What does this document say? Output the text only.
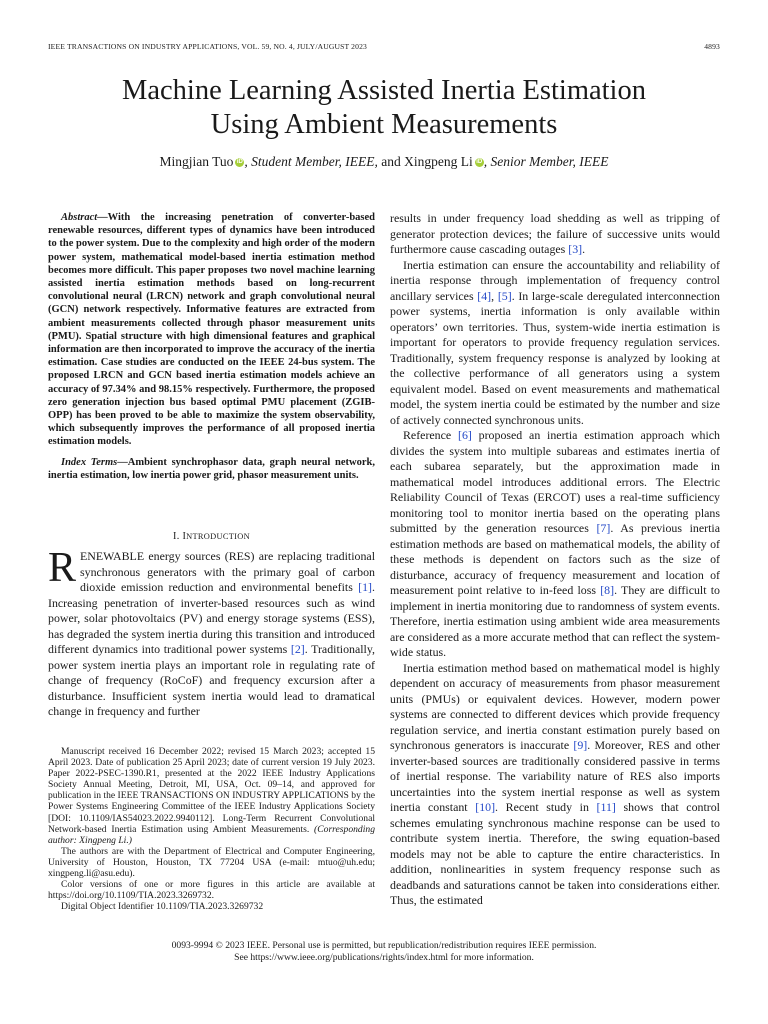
IEEE TRANSACTIONS ON INDUSTRY APPLICATIONS, VOL. 59, NO. 4, JULY/AUGUST 2023	4893
Machine Learning Assisted Inertia Estimation
Using Ambient Measurements
Mingjian Tuo iD , Student Member, IEEE, and Xingpeng Li iD , Senior Member, IEEE

Abstract—With the increasing penetration of converter-based renewable resources, different types of dynamics have been introduced to the power system. Due to the complexity and high order of the modern power system, mathematical model-based inertia estimation method becomes more difficult. This paper proposes two novel machine learning assisted inertia estimation methods based on long-recurrent convolutional neural (LRCN) network and graph convolutional neural (GCN) network respectively. Informative features are extracted from ambient measurements collected through phasor measurement units (PMU). Spatial structure with high dimensional features and graphical information are then incorporated to improve the accuracy of the inertia estimation. Case studies are conducted on the IEEE 24-bus system. The proposed LRCN and GCN based inertia estimation models achieve an accuracy of 97.34% and 98.15% respectively. Furthermore, the proposed zero generation injection bus based optimal PMU placement (ZGIB-OPP) has been proved to be able to maximize the system observability, which subsequently improves the performance of all proposed inertia estimation models.

Index Terms—Ambient synchrophasor data, graph neural network, inertia estimation, low inertia power grid, phasor measurement units.

I. INTRODUCTION

RENEWABLE energy sources (RES) are replacing traditional synchronous generators with the primary goal of carbon dioxide emission reduction and environmental benefits [1]. Increasing penetration of inverter-based resources such as wind power, solar photovoltaics (PV) and energy storage systems (ESS), has degraded the system inertia during this transition and introduced different dynamics into traditional power systems [2]. Traditionally, power system inertia plays an important role in regulating rate of change of frequency (RoCoF) and frequency excursion after a disturbance. Insufficient system inertia would lead to dramatical change in frequency and further

Manuscript received 16 December 2022; revised 15 March 2023; accepted 15 April 2023. Date of publication 25 April 2023; date of current version 19 July 2023. Paper 2022-PSEC-1390.R1, presented at the 2022 IEEE Industry Applications Society Annual Meeting, Detroit, MI, USA, Oct. 09–14, and approved for publication in the IEEE TRANSACTIONS ON INDUSTRY APPLICATIONS by the Power Systems Engineering Committee of the IEEE Industry Applications Society [DOI: 10.1109/IAS54023.2022.9940112]. Long-Term Recurrent Convolutional Network-based Inertia Estimation using Ambient Measurements. (Corresponding author: Xingpeng Li.)

The authors are with the Department of Electrical and Computer Engineering, University of Houston, Houston, TX 77204 USA (e-mail: mtuo@uh.edu; xingpeng.li@asu.edu).

Color versions of one or more figures in this article are available at https://doi.org/10.1109/TIA.2023.3269732.

Digital Object Identifier 10.1109/TIA.2023.3269732

results in under frequency load shedding as well as tripping of generator protection devices; the failure of successive units would furthermore cause cascading outages [3].

Inertia estimation can ensure the accountability and reliability of inertia response through implementation of frequency control ancillary services [4], [5]. In large-scale deregulated interconnection power systems, inertia information is only available within operators’ own territories. Thus, system-wide inertia estimation is important for operators to provide frequency regulation services. Traditionally, system frequency response is analyzed by looking at the collective performance of all generators using a system equivalent model. Based on event measurements and mathematical model, the system inertia could be estimated by the number and size of actively connected synchronous units.

Reference [6] proposed an inertia estimation approach which divides the system into multiple subareas and estimates inertia of each subarea separately, but the approximation made in mathematical model introduces additional errors. The Electric Reliability Council of Texas (ERCOT) uses a real-time sufficiency monitoring tool to monitor inertia based on the operating plans submitted by the generation resources [7]. As previous inertia estimation methods are based on mathematical models, the ability of these methods is dependent on factors such as the size of disturbance, accuracy of frequency measurement and location of measurement point relative to in-feed loss [8]. They are difficult to implement in inertia monitoring due to randomness of system events. Therefore, inertia estimation using ambient wide area measurements are considered as a more accurate method that can reflect the system-wide status.

Inertia estimation method based on mathematical model is highly dependent on accuracy of measurements from phasor measurement units (PMUs) or equivalent devices. However, modern power systems are connected to different devices which provide frequency regulation service, and inertia constant estimation purely based on synchronous generators is inaccurate [9]. Moreover, RES and other inverter-based sources are traditionally considered passive in terms of inertial response. The variability nature of RES also imports uncertainties into the system inertial response as well as system inertia constant [10]. Recent study in [11] shows that control schemes emulating synchronous machine response can be used to contribute system inertia. Therefore, the swing equation-based models may not be able to capture the entire characteristics. In addition, nonlinearities in system frequency response such as deadbands and saturations cannot be taken into considerations either. Thus, the estimated

0093-9994 © 2023 IEEE. Personal use is permitted, but republication/redistribution requires IEEE permission.
See https://www.ieee.org/publications/rights/index.html for more information.
